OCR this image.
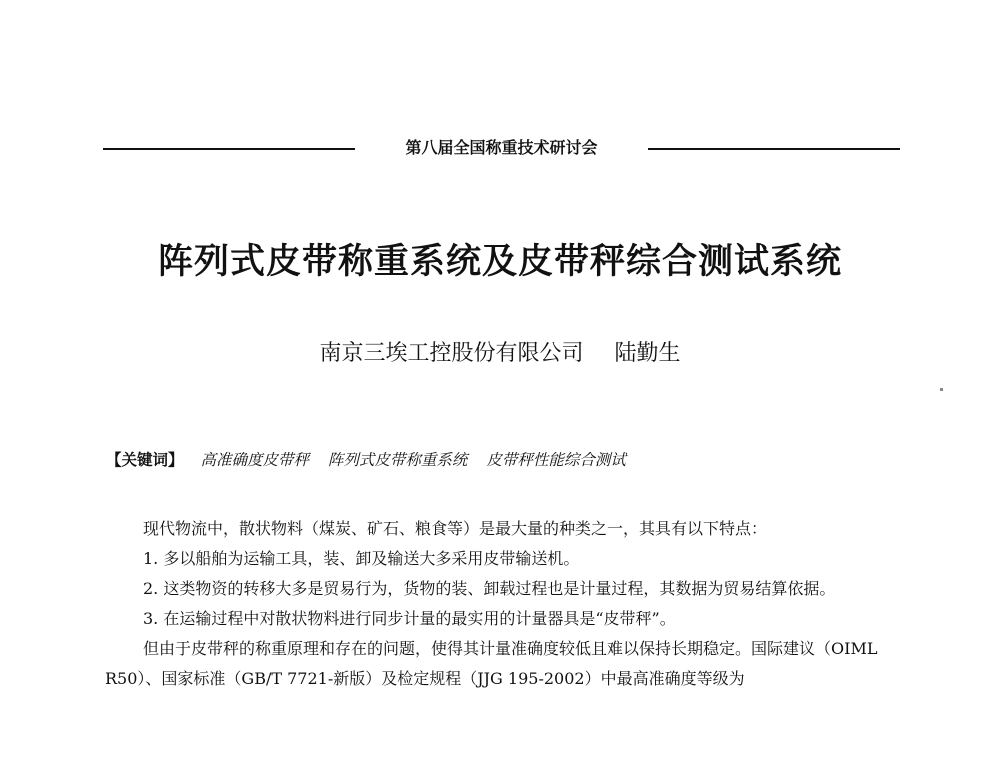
第八届全国称重技术研讨会
阵列式皮带称重系统及皮带秤综合测试系统
南京三埃工控股份有限公司 陆勤生
【关键词】 高准确度皮带秤 阵列式皮带称重系统 皮带秤性能综合测试

现代物流中，散状物料（煤炭、矿石、粮食等）是最大量的种类之一，其具有以下特点：

1. 多以船舶为运输工具，装、卸及输送大多采用皮带输送机。

2. 这类物资的转移大多是贸易行为，货物的装、卸载过程也是计量过程，其数据为贸易结算依据。

3. 在运输过程中对散状物料进行同步计量的最实用的计量器具是“皮带秤”。

但由于皮带秤的称重原理和存在的问题，使得其计量准确度较低且难以保持长期稳定。国际建议（OIML R50）、国家标准（GB/T 7721-新版）及检定规程（JJG 195-2002）中最高准确度等级为
